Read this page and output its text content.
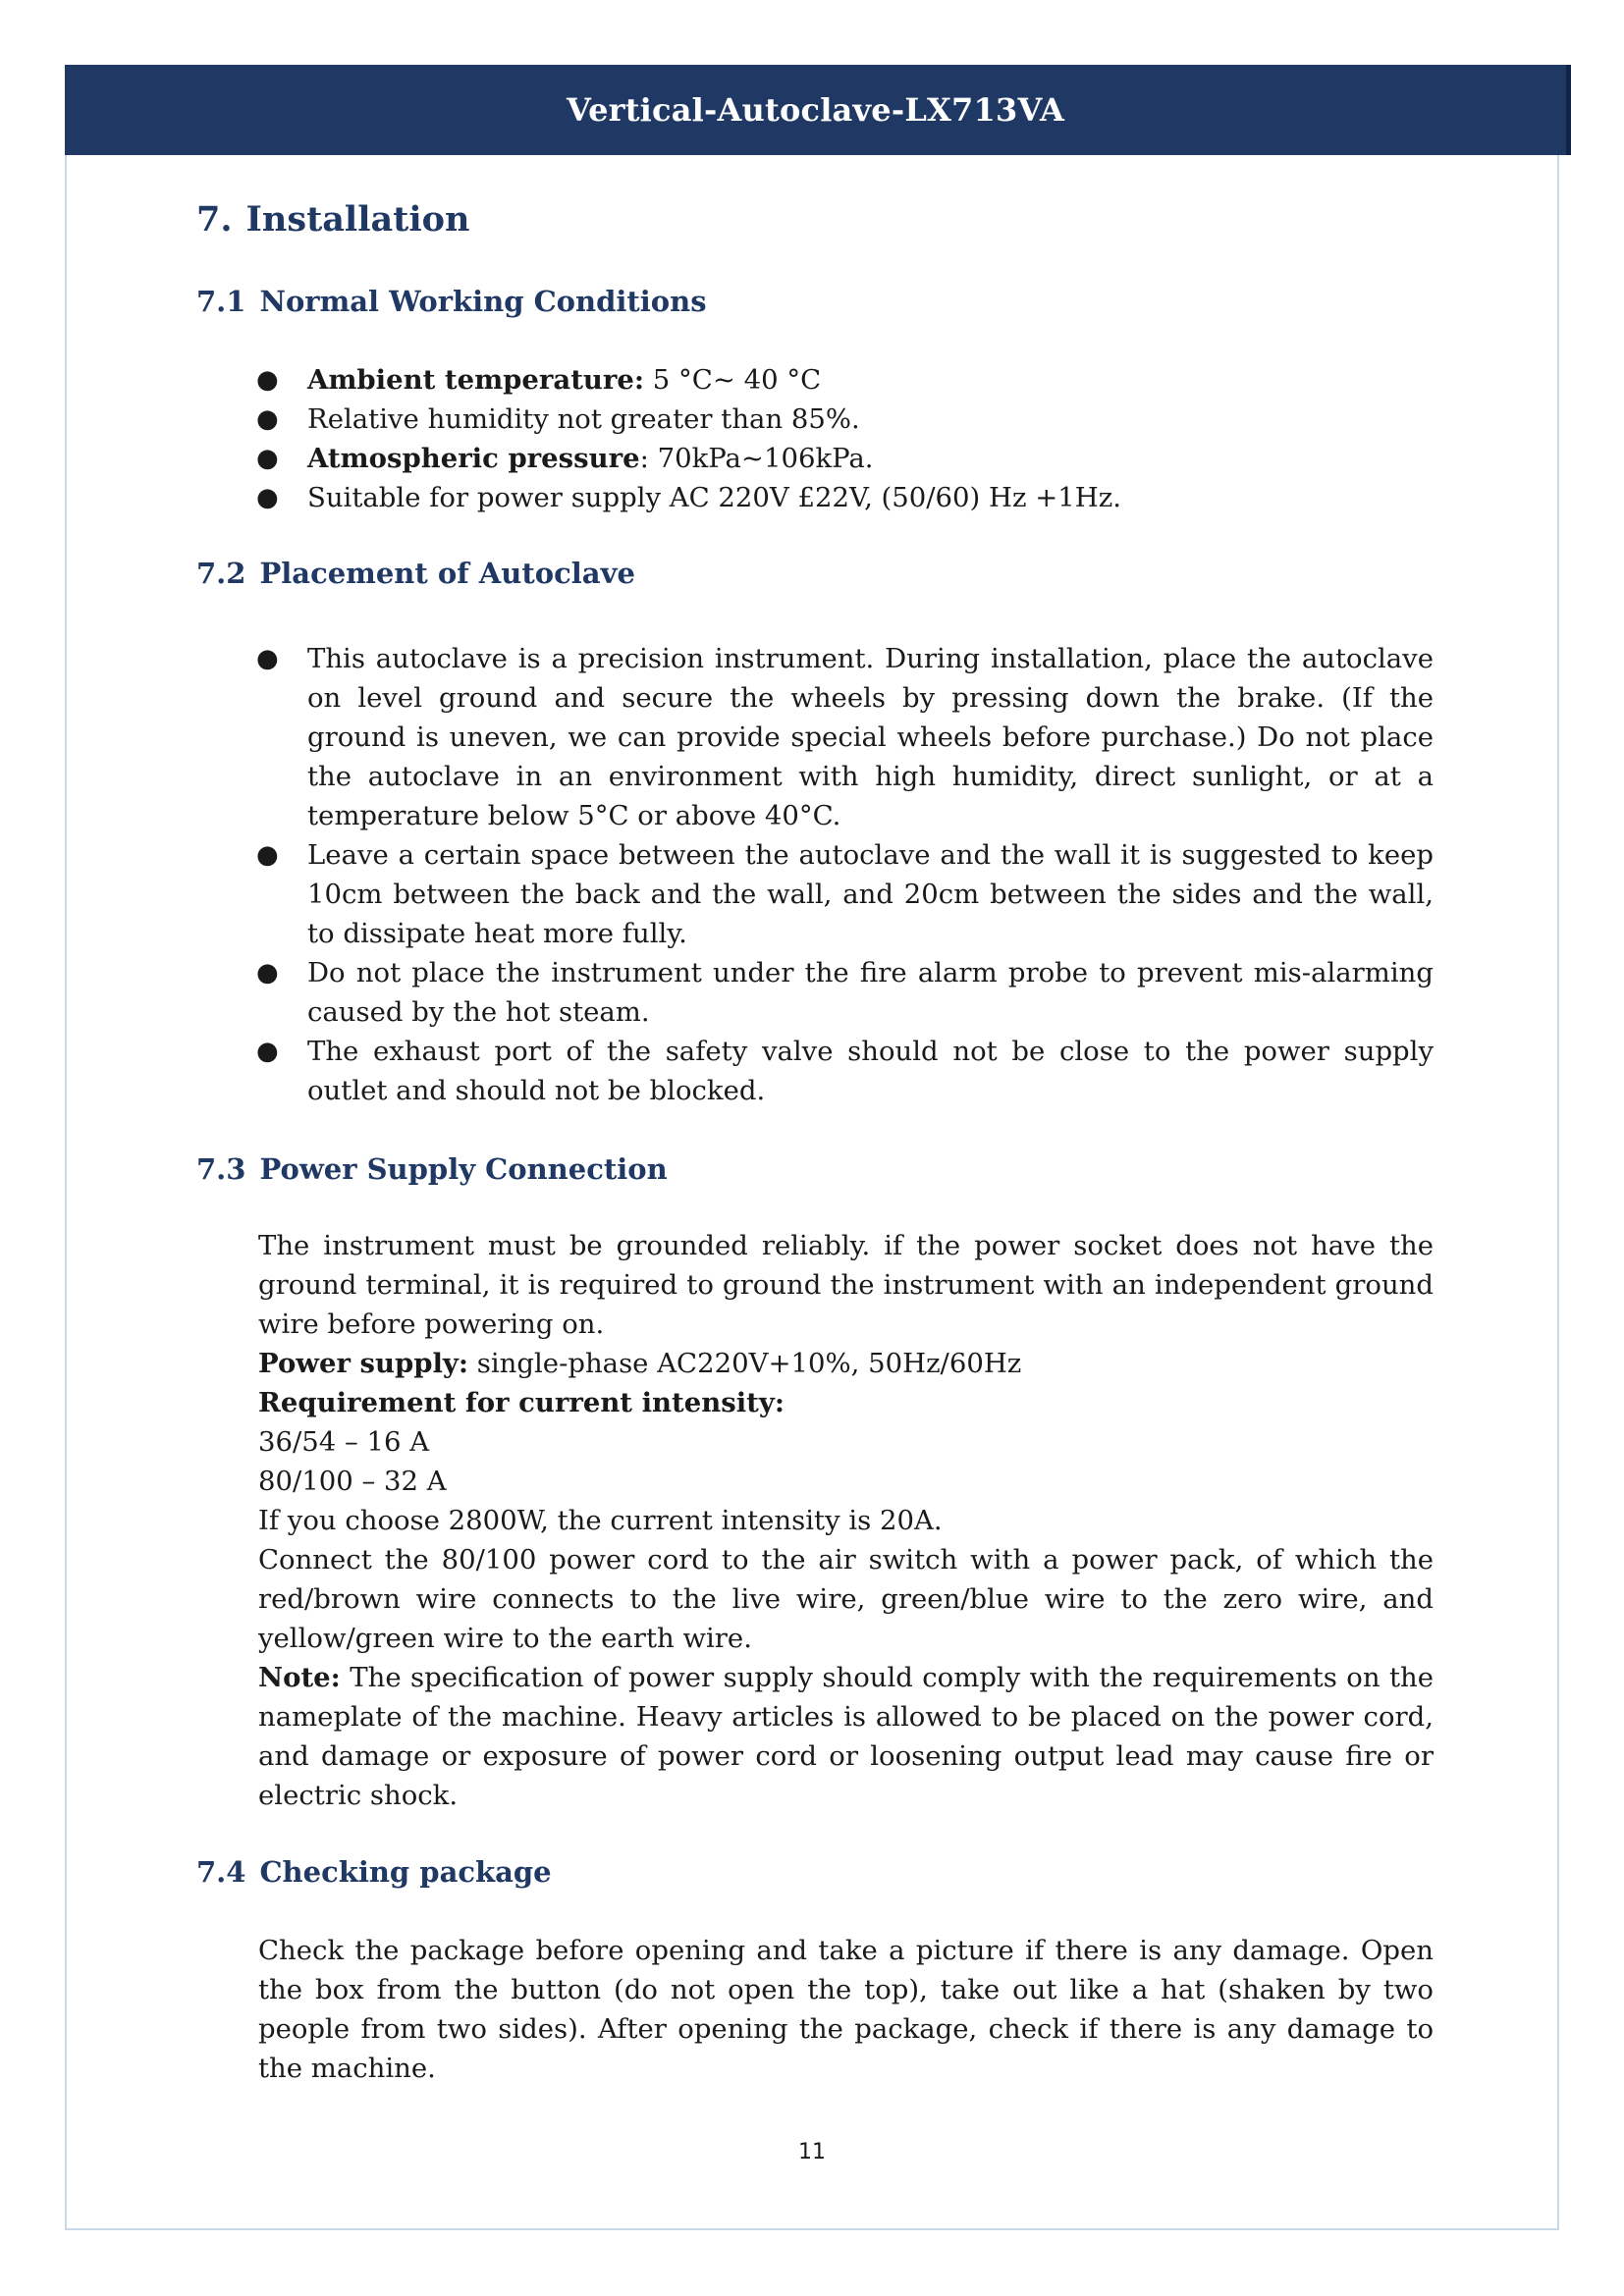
Vertical-Autoclave-LX713VA
7. Installation
7.1 Normal Working Conditions
● Ambient temperature: 5 °C~ 40 °C
● Relative humidity not greater than 85%.
● Atmospheric pressure: 70kPa~106kPa.
● Suitable for power supply AC 220V £22V, (50/60) Hz +1Hz.
7.2 Placement of Autoclave
● This autoclave is a precision instrument. During installation, place the autoclave on level ground and secure the wheels by pressing down the brake. (If the ground is uneven, we can provide special wheels before purchase.) Do not place the autoclave in an environment with high humidity, direct sunlight, or at a temperature below 5°C or above 40°C.
● Leave a certain space between the autoclave and the wall it is suggested to keep 10cm between the back and the wall, and 20cm between the sides and the wall, to dissipate heat more fully.
● Do not place the instrument under the fire alarm probe to prevent mis-alarming caused by the hot steam.
● The exhaust port of the safety valve should not be close to the power supply outlet and should not be blocked.
7.3 Power Supply Connection

The instrument must be grounded reliably. if the power socket does not have the ground terminal, it is required to ground the instrument with an independent ground wire before powering on.

Power supply: single-phase AC220V+10%, 50Hz/60Hz

Requirement for current intensity:

36/54 – 16 A

80/100 – 32 A

If you choose 2800W, the current intensity is 20A.

Connect the 80/100 power cord to the air switch with a power pack, of which the red/brown wire connects to the live wire, green/blue wire to the zero wire, and yellow/green wire to the earth wire.

Note: The specification of power supply should comply with the requirements on the nameplate of the machine. Heavy articles is allowed to be placed on the power cord, and damage or exposure of power cord or loosening output lead may cause fire or electric shock.

7.4 Checking package

Check the package before opening and take a picture if there is any damage. Open the box from the button (do not open the top), take out like a hat (shaken by two people from two sides). After opening the package, check if there is any damage to the machine.

11
